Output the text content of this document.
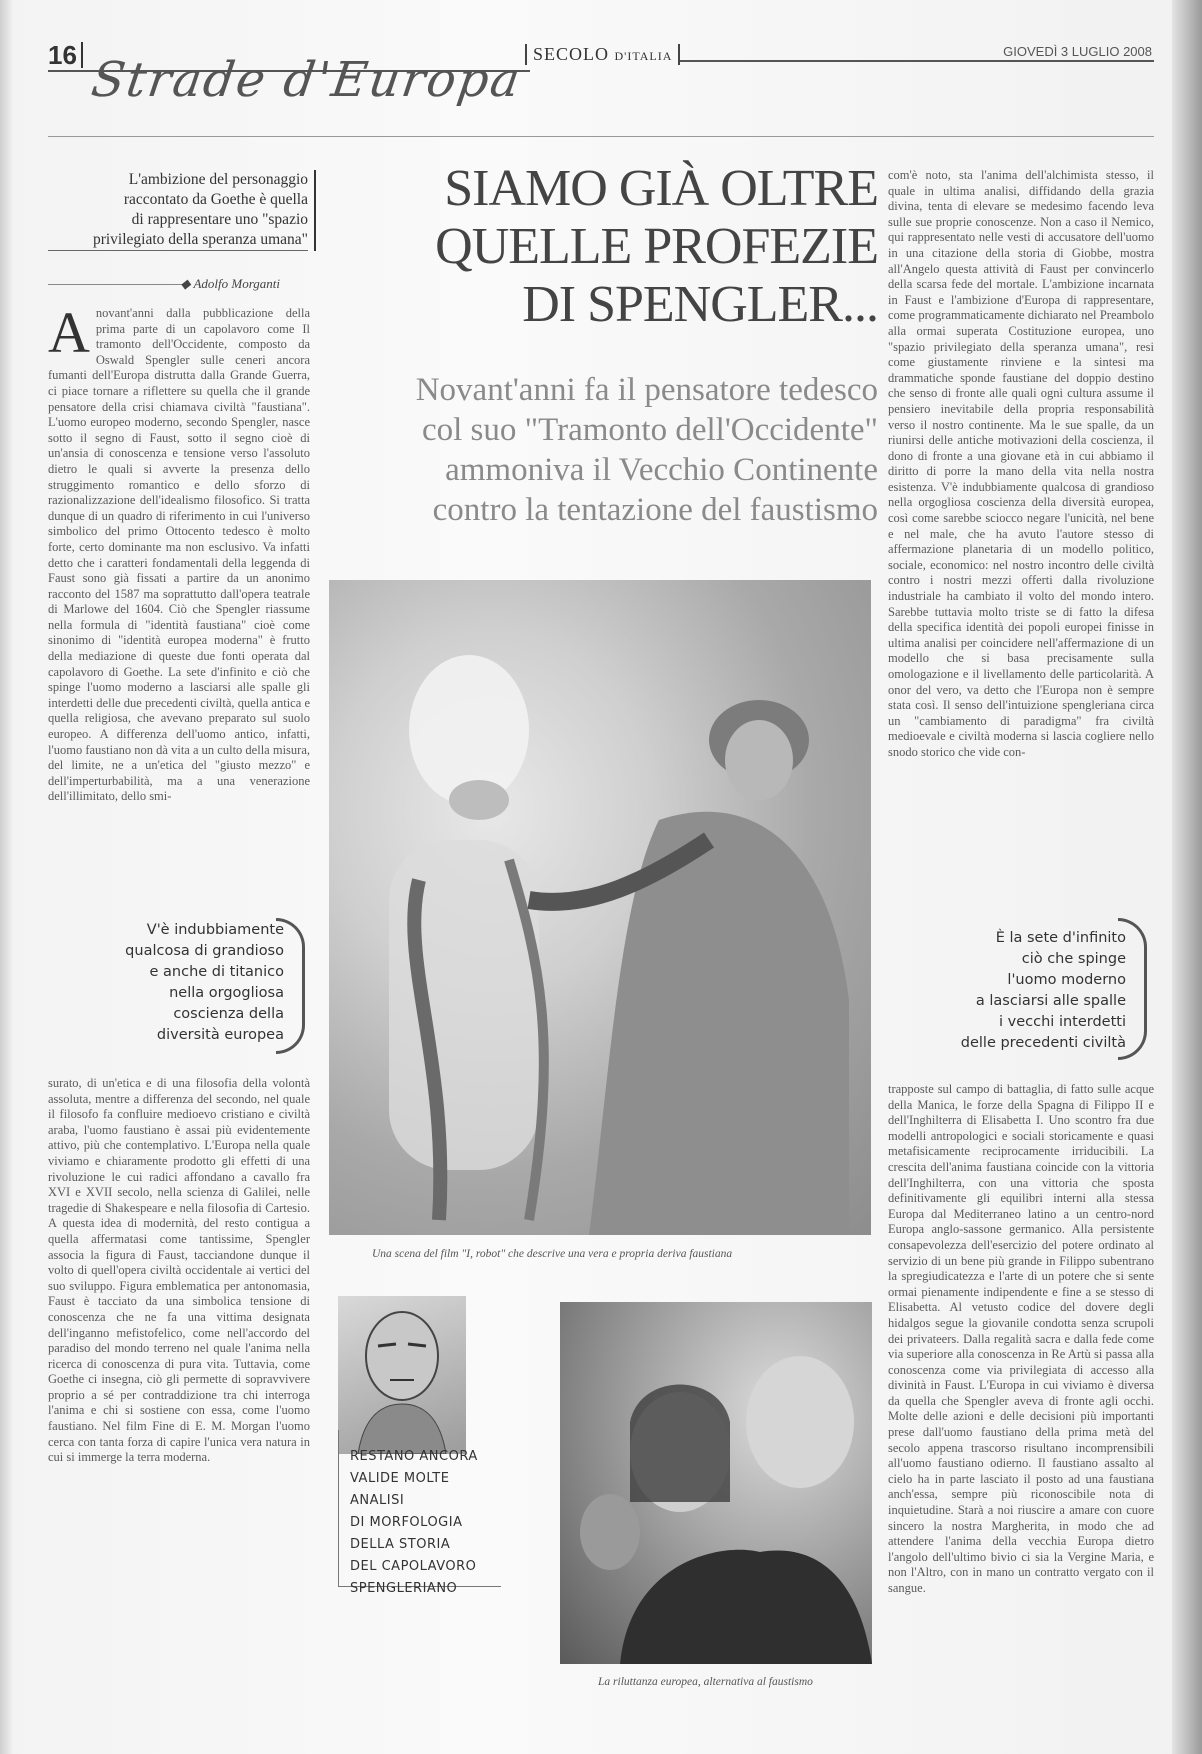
16 Strade d'Europa SECOLO D'ITALIA	GIOVEDÌ 3 LUGLIO 2008
L'ambizione del personaggio
raccontato da Goethe è quella
di rappresentare uno "spazio
privilegiato della speranza umana"
◆ Adolfo Morganti
SIAMO GIÀ OLTRE
QUELLE PROFEZIE
DI SPENGLER...
Novant'anni fa il pensatore tedesco
col suo "Tramonto dell'Occidente"
ammoniva il Vecchio Continente
contro la tentazione del faustismo
Anovant'anni dalla pubblicazione della prima parte di un capolavoro come Il tramonto dell'Occidente, composto da Oswald Spengler sulle ceneri ancora fumanti dell'Europa distrutta dalla Grande Guerra, ci piace tornare a riflettere su quella che il grande pensatore della crisi chiamava civiltà "faustiana". L'uomo europeo moderno, secondo Spengler, nasce sotto il segno di Faust, sotto il segno cioè di un'ansia di conoscenza e tensione verso l'assoluto dietro le quali si avverte la presenza dello struggimento romantico e dello sforzo di razionalizzazione dell'idealismo filosofico. Si tratta dunque di un quadro di riferimento in cui l'universo simbolico del primo Ottocento tedesco è molto forte, certo dominante ma non esclusivo. Va infatti detto che i caratteri fondamentali della leggenda di Faust sono già fissati a partire da un anonimo racconto del 1587 ma soprattutto dall'opera teatrale di Marlowe del 1604. Ciò che Spengler riassume nella formula di "identità faustiana" cioè come sinonimo di "identità europea moderna" è frutto della mediazione di queste due fonti operata dal capolavoro di Goethe. La sete d'infinito e ciò che spinge l'uomo moderno a lasciarsi alle spalle gli interdetti delle due precedenti civiltà, quella antica e quella religiosa, che avevano preparato sul suolo europeo. A differenza dell'uomo antico, infatti, l'uomo faustiano non dà vita a un culto della misura, del limite, ne a un'etica del "giusto mezzo" e dell'imperturbabilità, ma a una venerazione dell'illimitato, dello smi-
V'è indubbiamente
qualcosa di grandioso
e anche di titanico
nella orgogliosa
coscienza della
diversità europea
surato, di un'etica e di una filosofia della volontà assoluta, mentre a differenza del secondo, nel quale il filosofo fa confluire medioevo cristiano e civiltà araba, l'uomo faustiano è assai più evidentemente attivo, più che contemplativo. L'Europa nella quale viviamo e chiaramente prodotto gli effetti di una rivoluzione le cui radici affondano a cavallo fra XVI e XVII secolo, nella scienza di Galilei, nelle tragedie di Shakespeare e nella filosofia di Cartesio. A questa idea di modernità, del resto contigua a quella affermatasi come tantissime, Spengler associa la figura di Faust, tacciandone dunque il volto di quell'opera civiltà occidentale ai vertici del suo sviluppo. Figura emblematica per antonomasia, Faust è tacciato da una simbolica tensione di conoscenza che ne fa una vittima designata dell'inganno mefistofelico, come nell'accordo del paradiso del mondo terreno nel quale l'anima nella ricerca di conoscenza di pura vita. Tuttavia, come Goethe ci insegna, ciò gli permette di sopravvivere proprio a sé per contraddizione tra chi interroga l'anima e chi si sostiene con essa, come l'uomo faustiano. Nel film Fine di E. M. Morgan l'uomo cerca con tanta forza di capire l'unica vera natura in cui si immerge la terra moderna.
Una scena del film "I, robot" che descrive una vera e propria deriva faustiana
RESTANO ANCORA
VALIDE MOLTE ANALISI
DI MORFOLOGIA
DELLA STORIA
DEL CAPOLAVORO
SPENGLERIANO
La riluttanza europea, alternativa al faustismo
com'è noto, sta l'anima dell'alchimista stesso, il quale in ultima analisi, diffidando della grazia divina, tenta di elevare se medesimo facendo leva sulle sue proprie conoscenze. Non a caso il Nemico, qui rappresentato nelle vesti di accusatore dell'uomo in una citazione della storia di Giobbe, mostra all'Angelo questa attività di Faust per convincerlo della scarsa fede del mortale. L'ambizione incarnata in Faust e l'ambizione d'Europa di rappresentare, come programmaticamente dichiarato nel Preambolo alla ormai superata Costituzione europea, uno "spazio privilegiato della speranza umana", resi come giustamente rinviene e la sintesi ma drammatiche sponde faustiane del doppio destino che senso di fronte alle quali ogni cultura assume il pensiero inevitabile della propria responsabilità verso il nostro continente. Ma le sue spalle, da un riunirsi delle antiche motivazioni della coscienza, il dono di fronte a una giovane età in cui abbiamo il diritto di porre la mano della vita nella nostra esistenza. V'è indubbiamente qualcosa di grandioso nella orgogliosa coscienza della diversità europea, così come sarebbe sciocco negare l'unicità, nel bene e nel male, che ha avuto l'autore stesso di affermazione planetaria di un modello politico, sociale, economico: nel nostro incontro delle civiltà contro i nostri mezzi offerti dalla rivoluzione industriale ha cambiato il volto del mondo intero. Sarebbe tuttavia molto triste se di fatto la difesa della specifica identità dei popoli europei finisse in ultima analisi per coincidere nell'affermazione di un modello che si basa precisamente sulla omologazione e il livellamento delle particolarità. A onor del vero, va detto che l'Europa non è sempre stata così. Il senso dell'intuizione spengleriana circa un "cambiamento di paradigma" fra civiltà medioevale e civiltà moderna si lascia cogliere nello snodo storico che vide con-
È la sete d'infinito
ciò che spinge
l'uomo moderno
a lasciarsi alle spalle
i vecchi interdetti
delle precedenti civiltà
trapposte sul campo di battaglia, di fatto sulle acque della Manica, le forze della Spagna di Filippo II e dell'Inghilterra di Elisabetta I. Uno scontro fra due modelli antropologici e sociali storicamente e quasi metafisicamente reciprocamente irriducibili. La crescita dell'anima faustiana coincide con la vittoria dell'Inghilterra, con una vittoria che sposta definitivamente gli equilibri interni alla stessa Europa dal Mediterraneo latino a un centro-nord Europa anglo-sassone germanico. Alla persistente consapevolezza dell'esercizio del potere ordinato al servizio di un bene più grande in Filippo subentrano la spregiudicatezza e l'arte di un potere che si sente ormai pienamente indipendente e fine a se stesso di Elisabetta. Al vetusto codice del dovere degli hidalgos segue la giovanile condotta senza scrupoli dei privateers. Dalla regalità sacra e dalla fede come via superiore alla conoscenza in Re Artù si passa alla conoscenza come via privilegiata di accesso alla divinità in Faust. L'Europa in cui viviamo è diversa da quella che Spengler aveva di fronte agli occhi. Molte delle azioni e delle decisioni più importanti prese dall'uomo faustiano della prima metà del secolo appena trascorso risultano incomprensibili all'uomo faustiano odierno. Il faustiano assalto al cielo ha in parte lasciato il posto ad una faustiana anch'essa, sempre più riconoscibile nota di inquietudine. Starà a noi riuscire a amare con cuore sincero la nostra Margherita, in modo che ad attendere l'anima della vecchia Europa dietro l'angolo dell'ultimo bivio ci sia la Vergine Maria, e non l'Altro, con in mano un contratto vergato con il sangue.
